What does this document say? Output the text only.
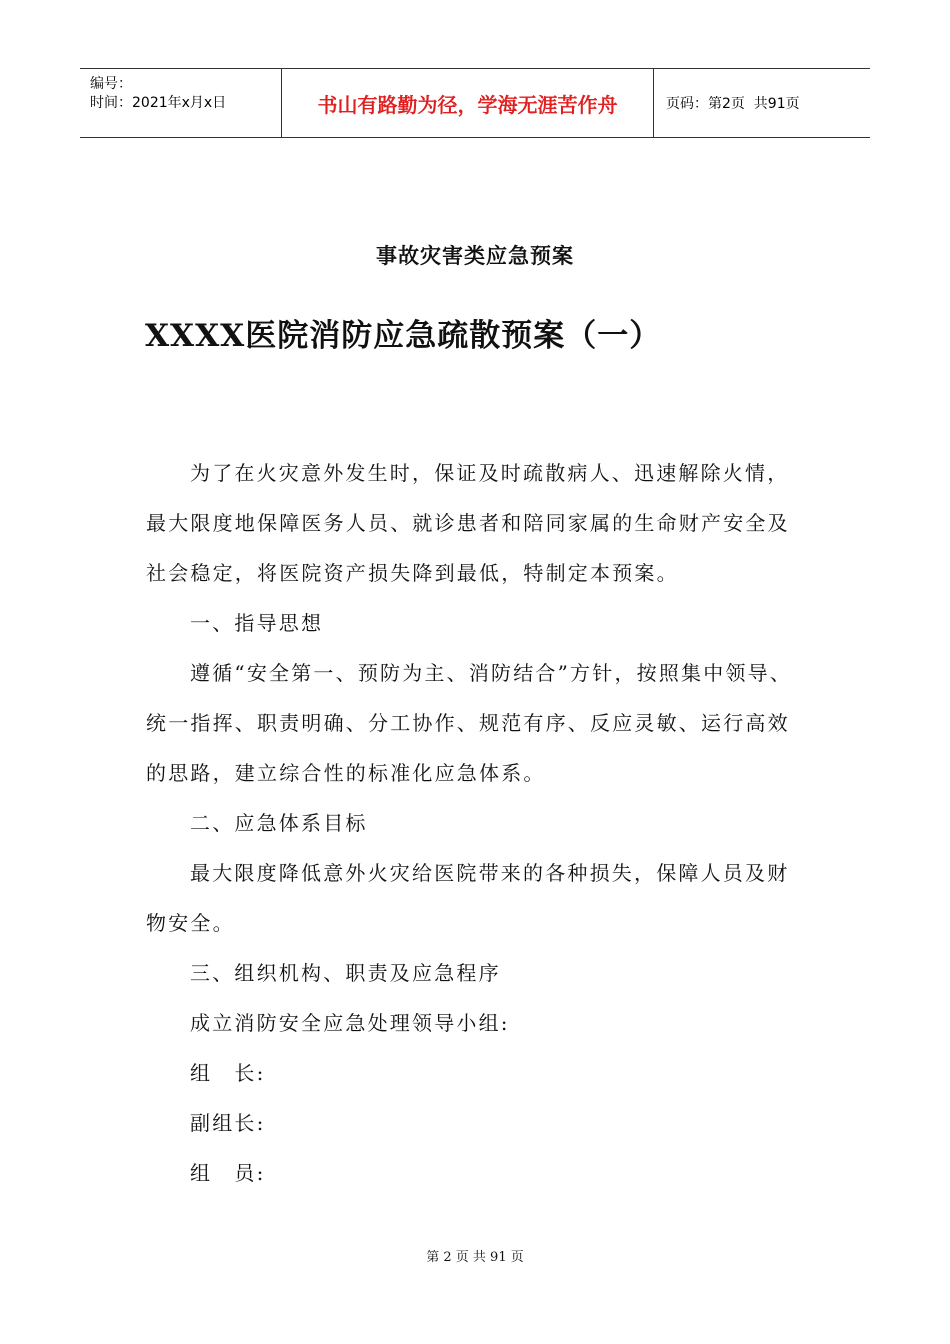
编号：
时间：2021年x月x日	书山有路勤为径，学海无涯苦作舟	页码：第2页  共91页
事故灾害类应急预案
XXXX医院消防应急疏散预案（一）

为了在火灾意外发生时，保证及时疏散病人、迅速解除火情，最大限度地保障医务人员、就诊患者和陪同家属的生命财产安全及社会稳定，将医院资产损失降到最低，特制定本预案。

一、指导思想

遵循“安全第一、预防为主、消防结合”方针，按照集中领导、统一指挥、职责明确、分工协作、规范有序、反应灵敏、运行高效的思路，建立综合性的标准化应急体系。

二、应急体系目标

最大限度降低意外火灾给医院带来的各种损失，保障人员及财物安全。

三、组织机构、职责及应急程序

成立消防安全应急处理领导小组:

组　长:

副组长:

组　员:

第 2 页 共 91 页
